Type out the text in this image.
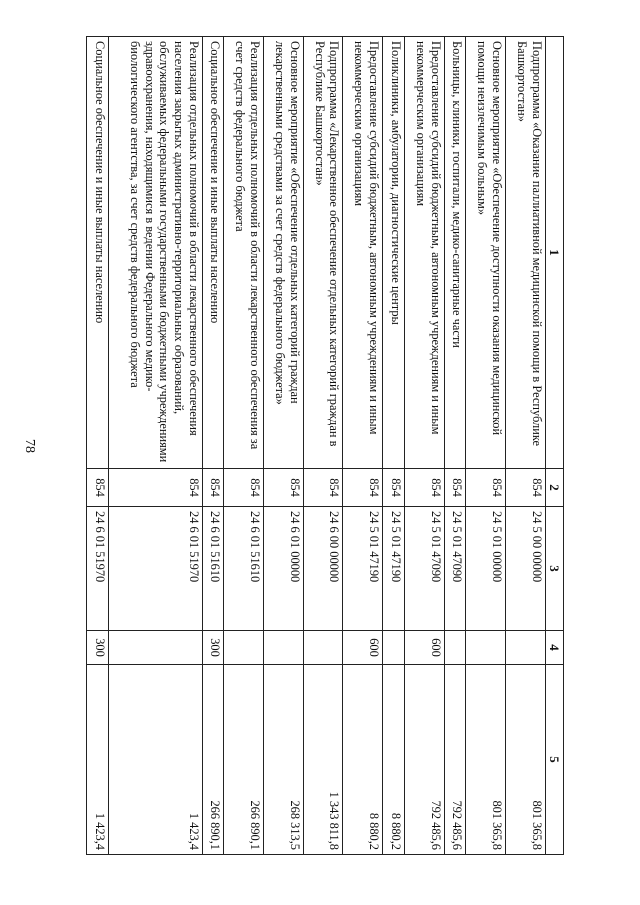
78
1	2	3	4	5
Подпрограмма «Оказание паллиативной медицинской помощи в Республике Башкортостан»	854	24 5 00 00000		801 365,8
Основное мероприятие «Обеспечение доступности оказания медицинской помощи неизлечимым больным»	854	24 5 01 00000		801 365,8
Больницы, клиники, госпитали, медико-санитарные части	854	24 5 01 47090		792 485,6
Предоставление субсидий бюджетным, автономным учреждениям и иным некоммерческим организациям	854	24 5 01 47090	600	792 485,6
Поликлиники, амбулатории, диагностические центры	854	24 5 01 47190		8 880,2
Предоставление субсидий бюджетным, автономным учреждениям и иным некоммерческим организациям	854	24 5 01 47190	600	8 880,2
Подпрограмма «Лекарственное обеспечение отдельных категорий граждан в Республике Башкортостан»	854	24 6 00 00000		1 343 811,8
Основное мероприятие «Обеспечение отдельных категорий граждан лекарственными средствами за счет средств федерального бюджета»	854	24 6 01 00000		268 313,5
Реализация отдельных полномочий в области лекарственного обеспечения за счет средств федерального бюджета	854	24 6 01 51610		266 890,1
Социальное обеспечение и иные выплаты населению	854	24 6 01 51610	300	266 890,1
Реализация отдельных полномочий в области лекарственного обеспечения населения закрытых административно-территориальных образований, обслуживаемых федеральными государственными бюджетными учреждениями здравоохранения, находящимися в ведении Федерального медико-биологического агентства, за счет средств федерального бюджета	854	24 6 01 51970		1 423,4
Социальное обеспечение и иные выплаты населению	854	24 6 01 51970	300	1 423,4
